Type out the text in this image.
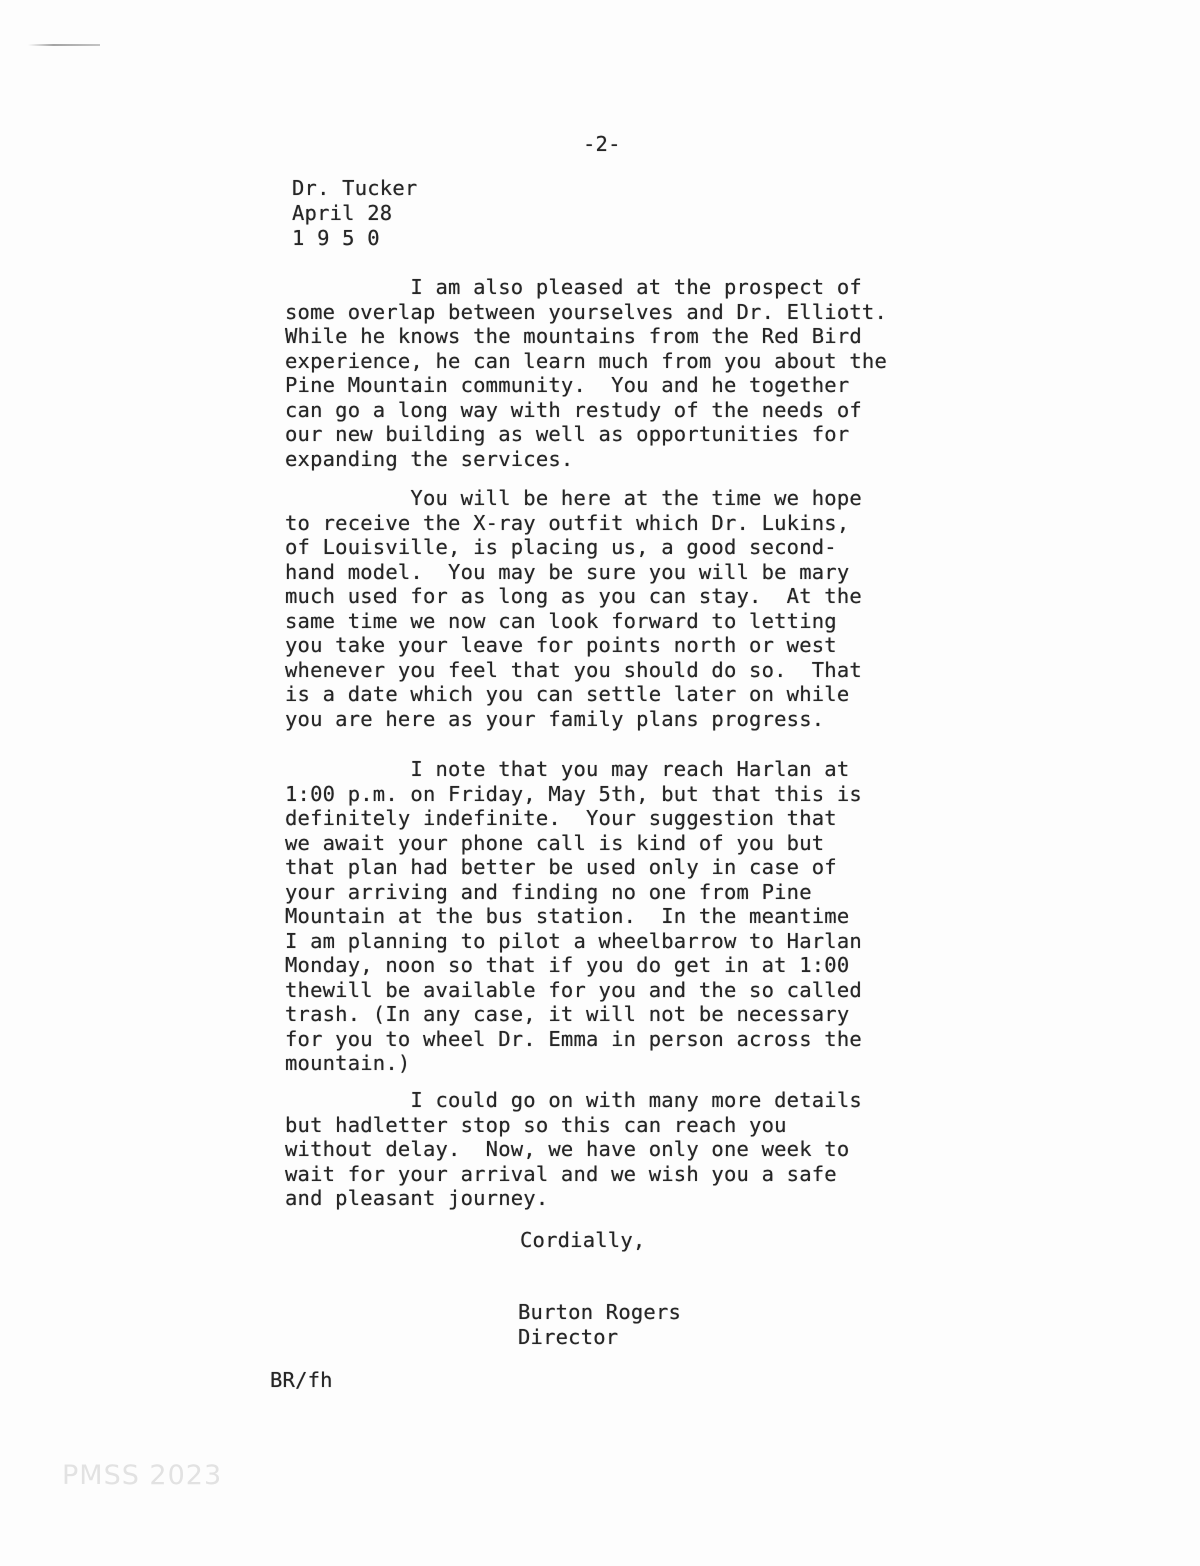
-2-

Dr. Tucker
April 28
1 9 5 0

I am also pleased at the prospect of
some overlap between yourselves and Dr. Elliott.
While he knows the mountains from the Red Bird
experience, he can learn much from you about the
Pine Mountain community.  You and he together
can go a long way with restudy of the needs of
our new building as well as opportunities for
expanding the services.

You will be here at the time we hope
to receive the X-ray outfit which Dr. Lukins,
of Louisville, is placing us, a good second-
hand model.  You may be sure you will be mary
much used for as long as you can stay.  At the
same time we now can look forward to letting
you take your leave for points north or west
whenever you feel that you should do so.  That
is a date which you can settle later on while
you are here as your family plans progress.

I note that you may reach Harlan at
1:00 p.m. on Friday, May 5th, but that this is
definitely indefinite.  Your suggestion that
we await your phone call is kind of you but
that plan had better be used only in case of
your arriving and finding no one from Pine
Mountain at the bus station.  In the meantime
I am planning to pilot a wheelbarrow to Harlan
Monday, noon so that if you do get in at 1:00
thewill be available for you and the so called
trash. (In any case, it will not be necessary
for you to wheel Dr. Emma in person across the
mountain.)

I could go on with many more details
but hadletter stop so this can reach you
without delay.  Now, we have only one week to
wait for your arrival and we wish you a safe
and pleasant journey.

Cordially,

Burton Rogers
Director

BR/fh

PMSS 2023
